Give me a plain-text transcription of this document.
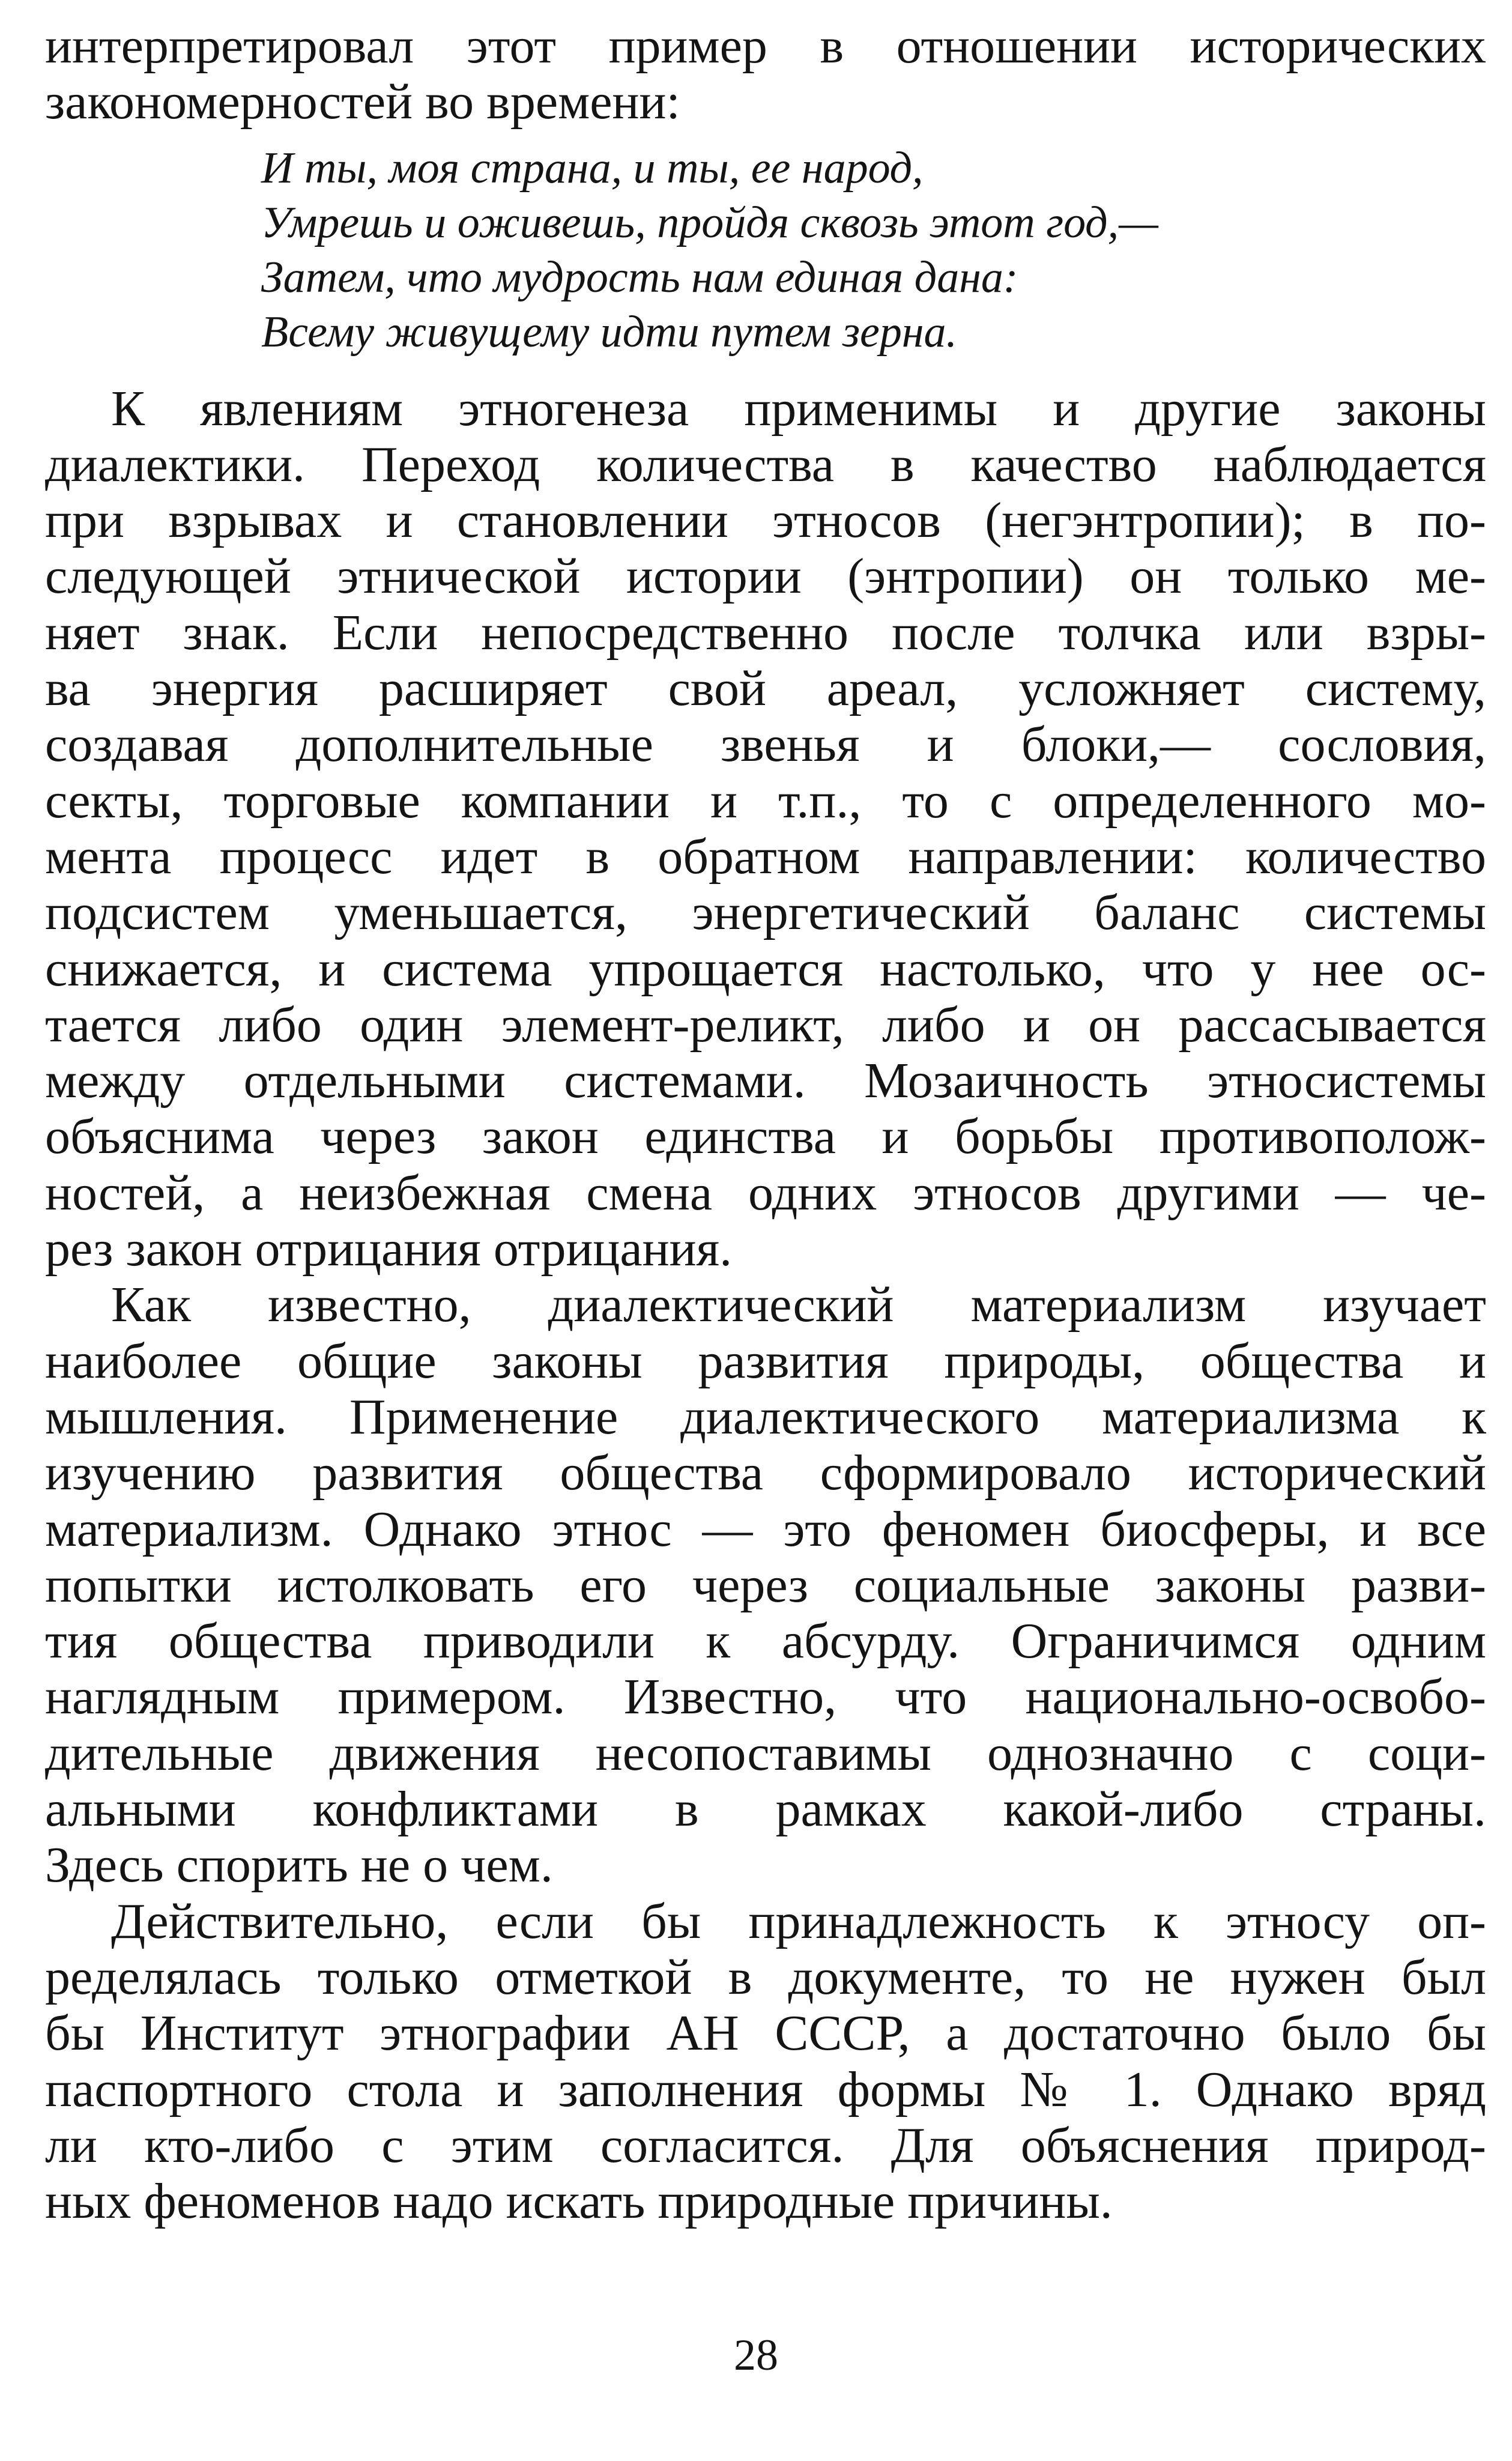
интерпретировал этот пример в отношении исторических
закономерностей во времени:
И ты, моя страна, и ты, ее народ,
Умрешь и оживешь, пройдя сквозь этот год,—
Затем, что мудрость нам единая дана:
Всему живущему идти путем зерна.
К явлениям этногенеза применимы и другие законы
диалектики. Переход количества в качество наблюдается
при взрывах и становлении этносов (негэнтропии); в по-
следующей этнической истории (энтропии) он только ме-
няет знак. Если непосредственно после толчка или взры-
ва энергия расширяет свой ареал, усложняет систему,
создавая дополнительные звенья и блоки,— сословия,
секты, торговые компании и т.п., то с определенного мо-
мента процесс идет в обратном направлении: количество
подсистем уменьшается, энергетический баланс системы
снижается, и система упрощается настолько, что у нее ос-
тается либо один элемент-реликт, либо и он рассасывается
между отдельными системами. Мозаичность этносистемы
объяснима через закон единства и борьбы противополож-
ностей, а неизбежная смена одних этносов другими — че-
рез закон отрицания отрицания.
Как известно, диалектический материализм изучает
наиболее общие законы развития природы, общества и
мышления. Применение диалектического материализма к
изучению развития общества сформировало исторический
материализм. Однако этнос — это феномен биосферы, и все
попытки истолковать его через социальные законы разви-
тия общества приводили к абсурду. Ограничимся одним
наглядным примером. Известно, что национально-освобо-
дительные движения несопоставимы однозначно с соци-
альными конфликтами в рамках какой-либо страны.
Здесь спорить не о чем.
Действительно, если бы принадлежность к этносу оп-
ределялась только отметкой в документе, то не нужен был
бы Институт этнографии АН СССР, а достаточно было бы
паспортного стола и заполнения формы № 1. Однако вряд
ли кто-либо с этим согласится. Для объяснения природ-
ных феноменов надо искать природные причины.
28
